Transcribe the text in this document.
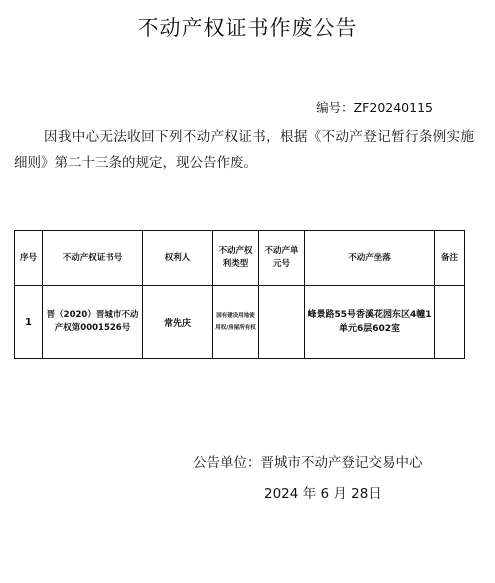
不动产权证书作废公告
编号：ZF20240115
因我中心无法收回下列不动产权证书，根据《不动产登记暂行条例实施细则》第二十三条的规定，现公告作废。
序号	不动产权证书号	权利人	不动产权利类型	不动产单元号	不动产坐落	备注
1	晋（2020）晋城市不动产权第0001526号	常先庆	国有建设用地使用权/房屋所有权		峰景路55号香溪花园东区4幢1单元6层602室	
公告单位：晋城市不动产登记交易中心
2024 年 6 月 28日
